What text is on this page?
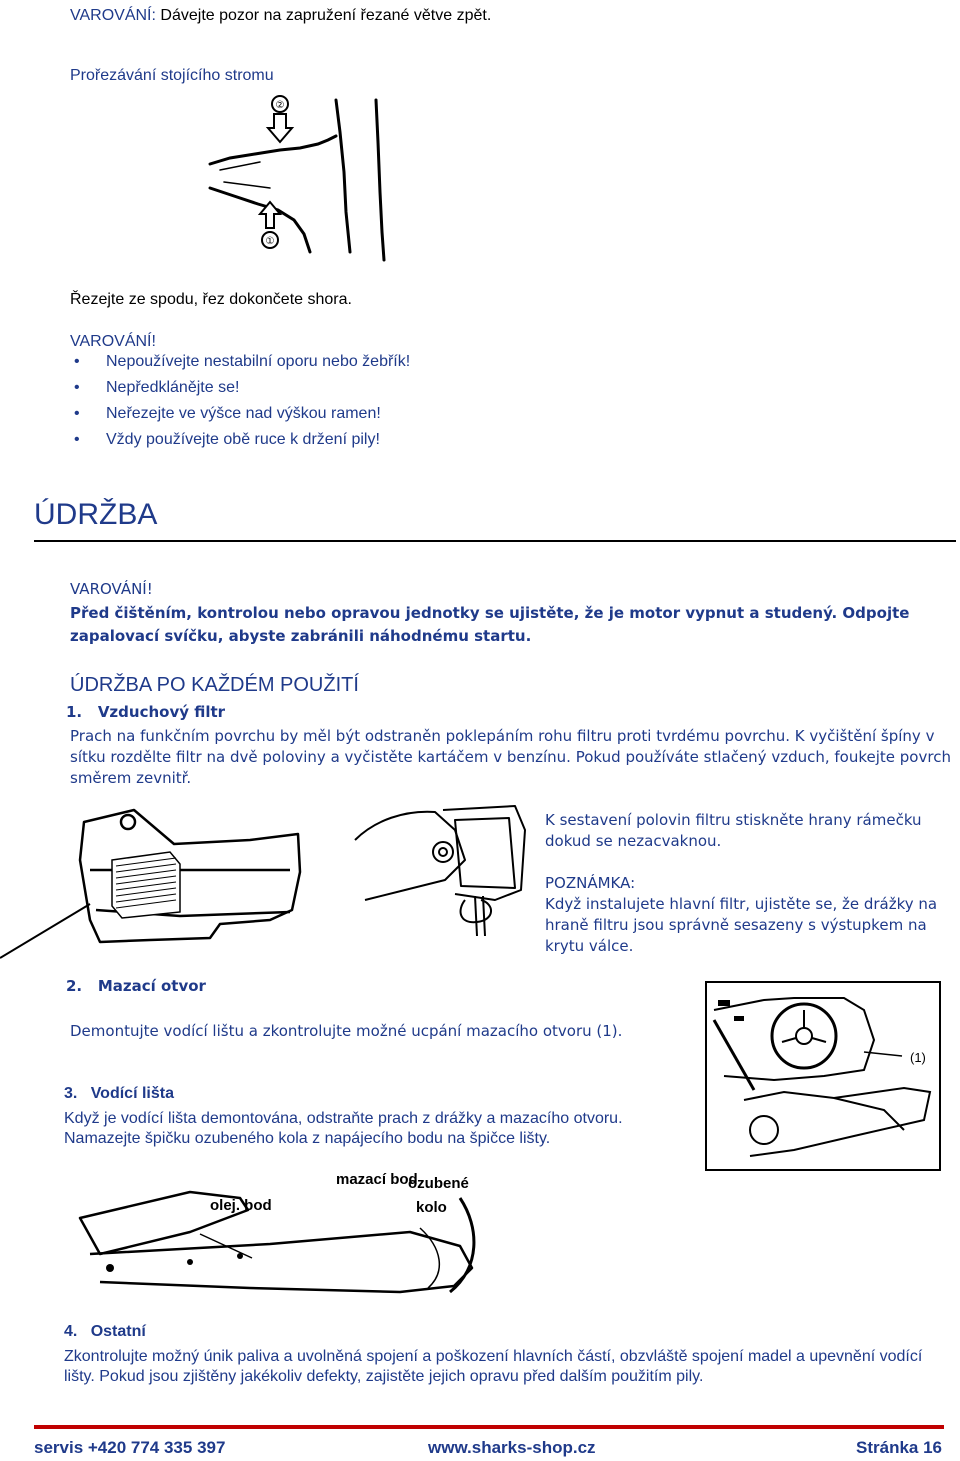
VAROVÁNÍ: Dávejte pozor na zapružení řezané větve zpět.
Prořezávání stojícího stromu
②
①
Řezejte ze spodu, řez dokončete shora.
VAROVÁNÍ!
• Nepoužívejte nestabilní oporu nebo žebřík!
• Nepředklánějte se!
• Neřezejte ve výšce nad výškou ramen!
• Vždy používejte obě ruce k držení pily!
ÚDRŽBA
VAROVÁNÍ!
Před čištěním, kontrolou nebo opravou jednotky se ujistěte, že je motor vypnut a studený. Odpojte zapalovací svíčku, abyste zabránili náhodnému startu.
ÚDRŽBA PO KAŽDÉM POUŽITÍ
1. Vzduchový filtr
Prach na funkčním povrchu by měl být odstraněn poklepáním rohu filtru proti tvrdému povrchu. K vyčištění špíny v sítku rozdělte filtr na dvě poloviny a vyčistěte kartáčem v benzínu. Pokud používáte stlačený vzduch, foukejte povrch směrem zevnitř.
K sestavení polovin filtru stiskněte hrany rámečku dokud se nezacvaknou.
POZNÁMKA:
Když instalujete hlavní filtr, ujistěte se, že drážky na hraně filtru jsou správně sesazeny s výstupkem na krytu válce.
2. Mazací otvor
Demontujte vodící lištu a zkontrolujte možné ucpání mazacího otvoru (1).
(1)
3. Vodící lišta
Když je vodící lišta demontována, odstraňte prach z drážky a mazacího otvoru. Namazejte špičku ozubeného kola z napájecího bodu na špičce lišty.
olej. bod
mazací bod
ozubené
kolo
4. Ostatní
Zkontrolujte možný únik paliva a uvolněná spojení a poškození hlavních částí, obzvláště spojení madel a upevnění vodící lišty. Pokud jsou zjištěny jakékoliv defekty, zajistěte jejich opravu před dalším použitím pily.
servis +420 774 335 397	www.sharks-shop.cz	Stránka 16
